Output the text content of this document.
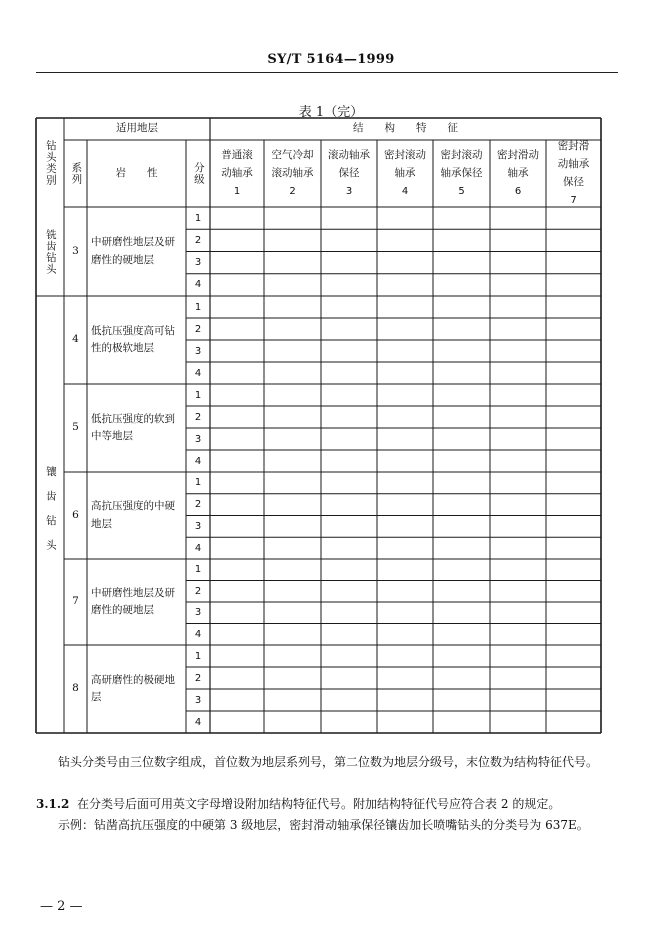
SY/T 5164—1999
表 1（完）
钻头类别
适用地层
系列	岩　　性	分级
结　　构　　特　　征
普通滚动轴承
1
空气冷却滚动轴承
2
滚动轴承保径
3
密封滚动轴承
4
密封滚动轴承保径
5
密封滑动轴承
6
密封滑动轴承保径
7
铣齿钻头
镶齿钻头
3
中研磨性地层及研磨性的硬地层
1
2
3
4
4
低抗压强度高可钻性的极软地层
1
2
3
4
5
低抗压强度的软到中等地层
1
2
3
4
6
高抗压强度的中硬地层
1
2
3
4
7
中研磨性地层及研磨性的硬地层
1
2
3
4
8
高研磨性的极硬地层
1
2
3
4
钻头分类号由三位数字组成，首位数为地层系列号，第二位数为地层分级号，末位数为结构特征代号。
3.1.2 在分类号后面可用英文字母增设附加结构特征代号。附加结构特征代号应符合表 2 的规定。
示例：钻凿高抗压强度的中硬第 3 级地层，密封滑动轴承保径镶齿加长喷嘴钻头的分类号为 637E。
— 2 —
